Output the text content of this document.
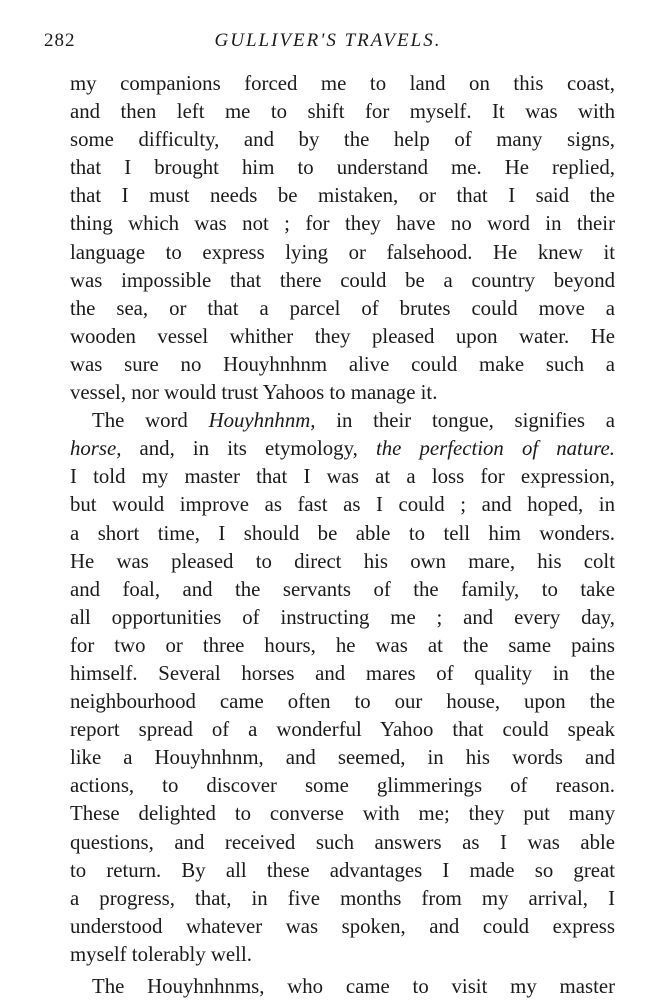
282	GULLIVER'S TRAVELS.
my companions forced me to land on this coast,
and then left me to shift for myself. It was with
some difficulty, and by the help of many signs,
that I brought him to understand me. He replied,
that I must needs be mistaken, or that I said the
thing which was not ; for they have no word in their
language to express lying or falsehood. He knew it
was impossible that there could be a country beyond
the sea, or that a parcel of brutes could move a
wooden vessel whither they pleased upon water. He
was sure no Houyhnhnm alive could make such a
vessel, nor would trust Yahoos to manage it.
The word Houyhnhnm, in their tongue, signifies a
horse, and, in its etymology, the perfection of nature.
I told my master that I was at a loss for expression,
but would improve as fast as I could ; and hoped, in
a short time, I should be able to tell him wonders.
He was pleased to direct his own mare, his colt
and foal, and the servants of the family, to take
all opportunities of instructing me ; and every day,
for two or three hours, he was at the same pains
himself. Several horses and mares of quality in the
neighbourhood came often to our house, upon the
report spread of a wonderful Yahoo that could speak
like a Houyhnhnm, and seemed, in his words and
actions, to discover some glimmerings of reason.
These delighted to converse with me; they put many
questions, and received such answers as I was able
to return. By all these advantages I made so great
a progress, that, in five months from my arrival, I
understood whatever was spoken, and could express
myself tolerably well.
The Houyhnhnms, who came to visit my master
